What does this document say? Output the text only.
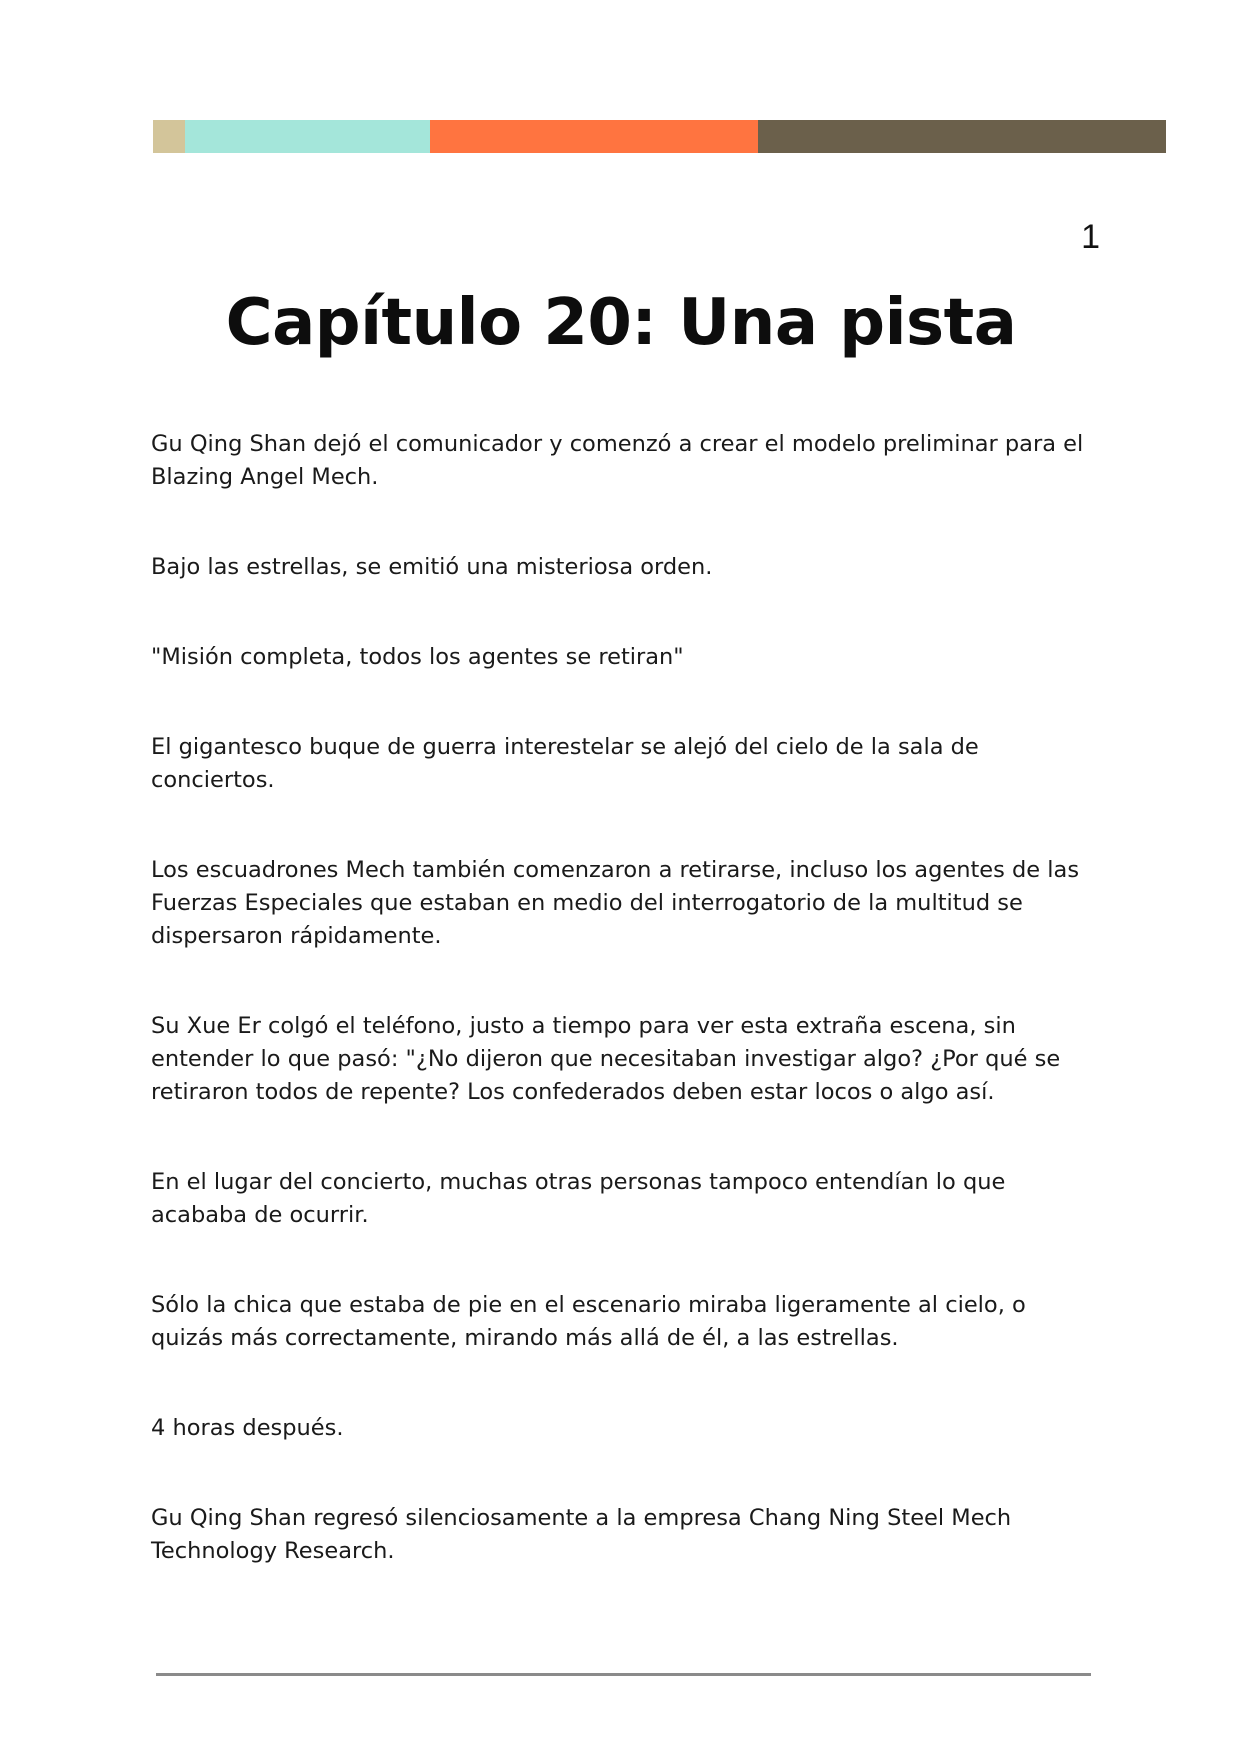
1
Capítulo 20: Una pista

Gu Qing Shan dejó el comunicador y comenzó a crear el modelo preliminar para el Blazing Angel Mech.

Bajo las estrellas, se emitió una misteriosa orden.

"Misión completa, todos los agentes se retiran"

El gigantesco buque de guerra interestelar se alejó del cielo de la sala de conciertos.

Los escuadrones Mech también comenzaron a retirarse, incluso los agentes de las Fuerzas Especiales que estaban en medio del interrogatorio de la multitud se dispersaron rápidamente.

Su Xue Er colgó el teléfono, justo a tiempo para ver esta extraña escena, sin entender lo que pasó: "¿No dijeron que necesitaban investigar algo? ¿Por qué se retiraron todos de repente? Los confederados deben estar locos o algo así.

En el lugar del concierto, muchas otras personas tampoco entendían lo que acababa de ocurrir.

Sólo la chica que estaba de pie en el escenario miraba ligeramente al cielo, o quizás más correctamente, mirando más allá de él, a las estrellas.

4 horas después.

Gu Qing Shan regresó silenciosamente a la empresa Chang Ning Steel Mech Technology Research.
